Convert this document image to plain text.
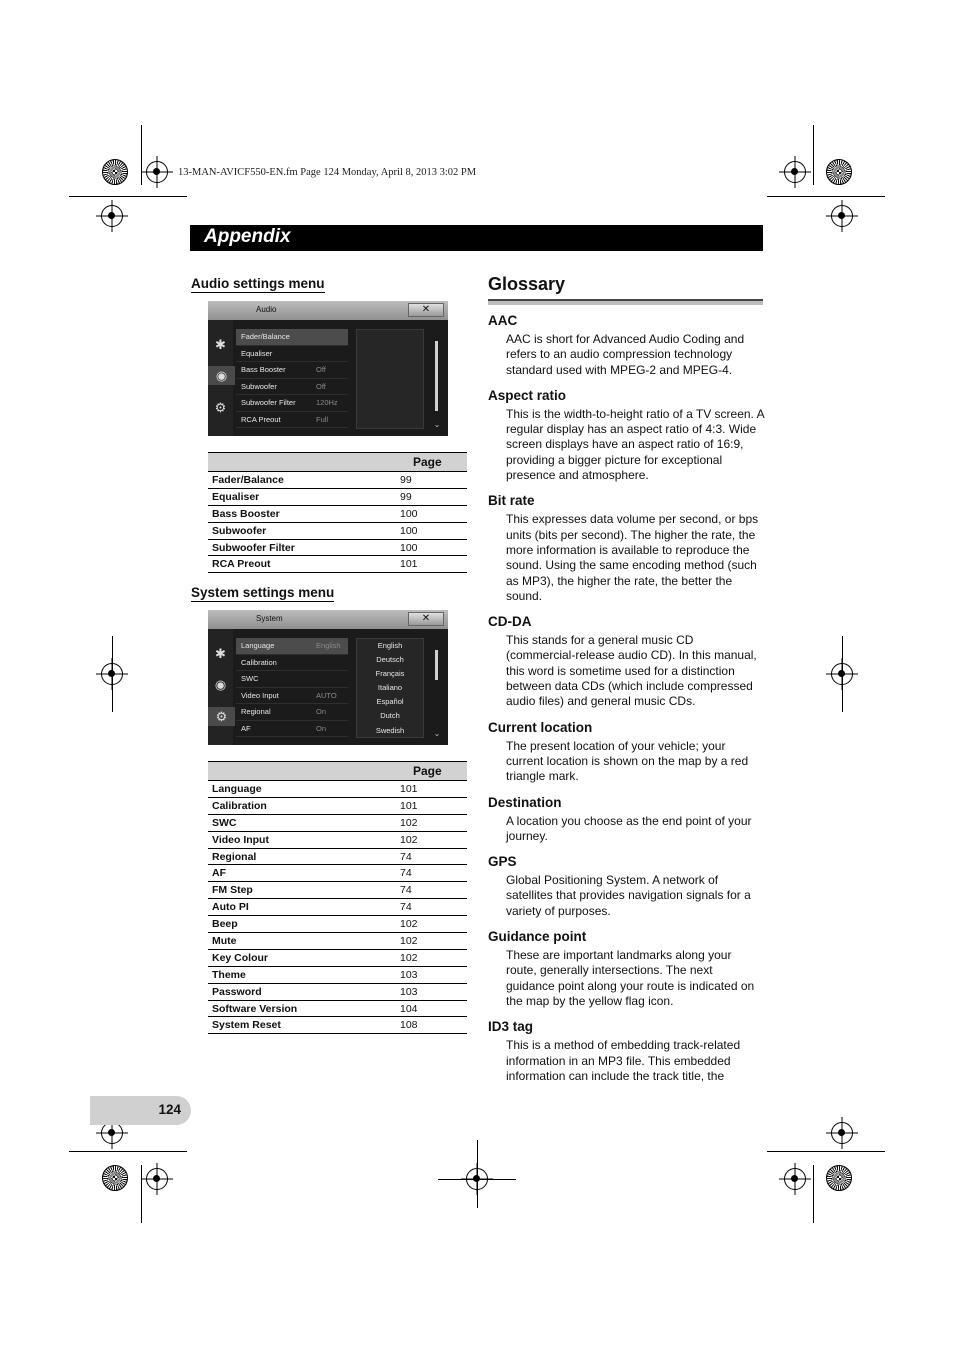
13-MAN-AVICF550-EN.fm Page 124 Monday, April 8, 2013 3:02 PM
Appendix
Audio settings menu
Audio	✕
✱
◉
⚙
Fader/Balance
Equaliser
Bass Booster	Off
Subwoofer	Off
Subwoofer Filter	120Hz
RCA Preout	Full
⌄
	Page
Fader/Balance	99
Equaliser	99
Bass Booster	100
Subwoofer	100
Subwoofer Filter	100
RCA Preout	101
System settings menu
System	✕
✱
◉
⚙
Language	English
Calibration
SWC
Video Input	AUTO
Regional	On
AF	On
English
Deutsch
Français
Italiano
Español
Dutch
Swedish	⌄
	Page
Language	101
Calibration	101
SWC	102
Video Input	102
Regional	74
AF	74
FM Step	74
Auto PI	74
Beep	102
Mute	102
Key Colour	102
Theme	103
Password	103
Software Version	104
System Reset	108
Glossary
AAC
AAC is short for Advanced Audio Coding and refers to an audio compression technology standard used with MPEG-2 and MPEG-4.
Aspect ratio
This is the width-to-height ratio of a TV screen. A regular display has an aspect ratio of 4:3. Wide screen displays have an aspect ratio of 16:9, providing a bigger picture for exceptional presence and atmosphere.
Bit rate
This expresses data volume per second, or bps units (bits per second). The higher the rate, the more information is available to reproduce the sound. Using the same encoding method (such as MP3), the higher the rate, the better the sound.
CD-DA
This stands for a general music CD (commercial-release audio CD). In this manual, this word is sometime used for a distinction between data CDs (which include compressed audio files) and general music CDs.
Current location
The present location of your vehicle; your current location is shown on the map by a red triangle mark.
Destination
A location you choose as the end point of your journey.
GPS
Global Positioning System. A network of satellites that provides navigation signals for a variety of purposes.
Guidance point
These are important landmarks along your route, generally intersections. The next guidance point along your route is indicated on the map by the yellow flag icon.
ID3 tag
This is a method of embedding track-related information in an MP3 file. This embedded information can include the track title, the
124
